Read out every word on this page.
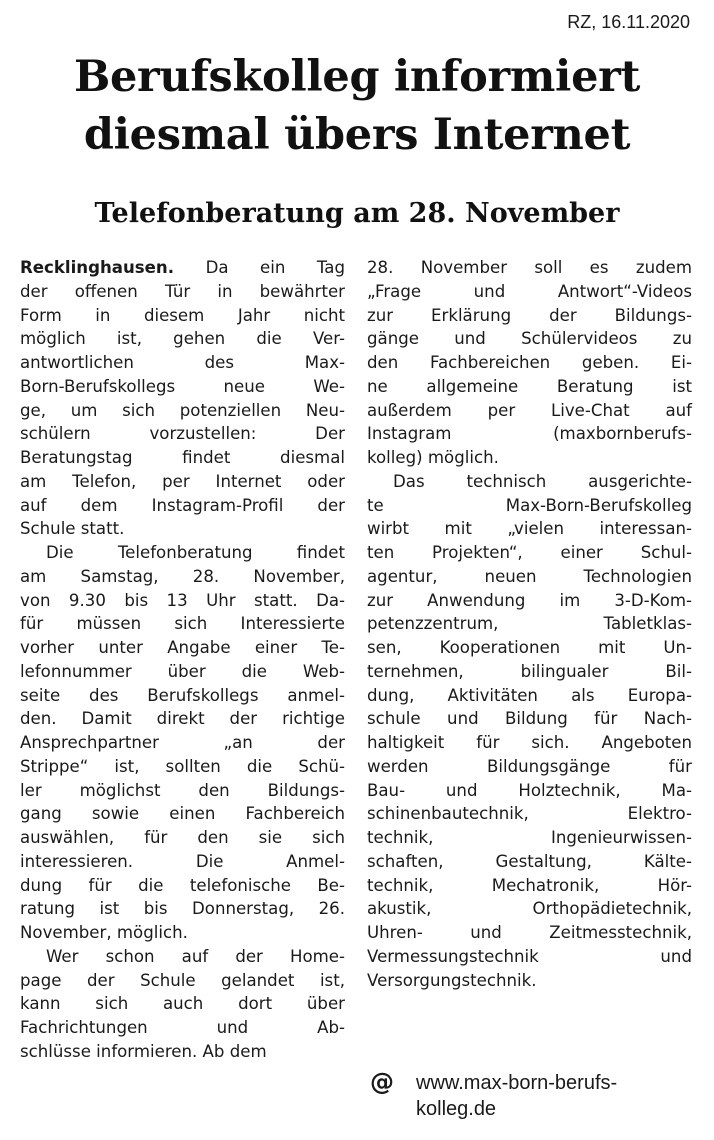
RZ, 16.11.2020
Berufskolleg informiert
diesmal übers Internet
Telefonberatung am 28. November
Recklinghausen. Da ein Tag
der offenen Tür in bewährter
Form in diesem Jahr nicht
möglich ist, gehen die Ver-
antwortlichen des Max-
Born-Berufskollegs neue We-
ge, um sich potenziellen Neu-
schülern vorzustellen: Der
Beratungstag findet diesmal
am Telefon, per Internet oder
auf dem Instagram-Profil der
Schule statt.
Die Telefonberatung findet
am Samstag, 28. November,
von 9.30 bis 13 Uhr statt. Da-
für müssen sich Interessierte
vorher unter Angabe einer Te-
lefonnummer über die Web-
seite des Berufskollegs anmel-
den. Damit direkt der richtige
Ansprechpartner „an der
Strippe“ ist, sollten die Schü-
ler möglichst den Bildungs-
gang sowie einen Fachbereich
auswählen, für den sie sich
interessieren. Die Anmel-
dung für die telefonische Be-
ratung ist bis Donnerstag, 26.
November, möglich.
Wer schon auf der Home-
page der Schule gelandet ist,
kann sich auch dort über
Fachrichtungen und Ab-
schlüsse informieren. Ab dem
28. November soll es zudem
„Frage und Antwort“-Videos
zur Erklärung der Bildungs-
gänge und Schülervideos zu
den Fachbereichen geben. Ei-
ne allgemeine Beratung ist
außerdem per Live-Chat auf
Instagram (maxbornberufs-
kolleg) möglich.
Das technisch ausgerichte-
te Max-Born-Berufskolleg
wirbt mit „vielen interessan-
ten Projekten“, einer Schul-
agentur, neuen Technologien
zur Anwendung im 3-D-Kom-
petenzzentrum, Tabletklas-
sen, Kooperationen mit Un-
ternehmen, bilingualer Bil-
dung, Aktivitäten als Europa-
schule und Bildung für Nach-
haltigkeit für sich. Angeboten
werden Bildungsgänge für
Bau- und Holztechnik, Ma-
schinenbautechnik, Elektro-
technik, Ingenieurwissen-
schaften, Gestaltung, Kälte-
technik, Mechatronik, Hör-
akustik, Orthopädietechnik,
Uhren- und Zeitmesstechnik,
Vermessungstechnik und
Versorgungstechnik.
@ www.max-born-berufs-
kolleg.de
